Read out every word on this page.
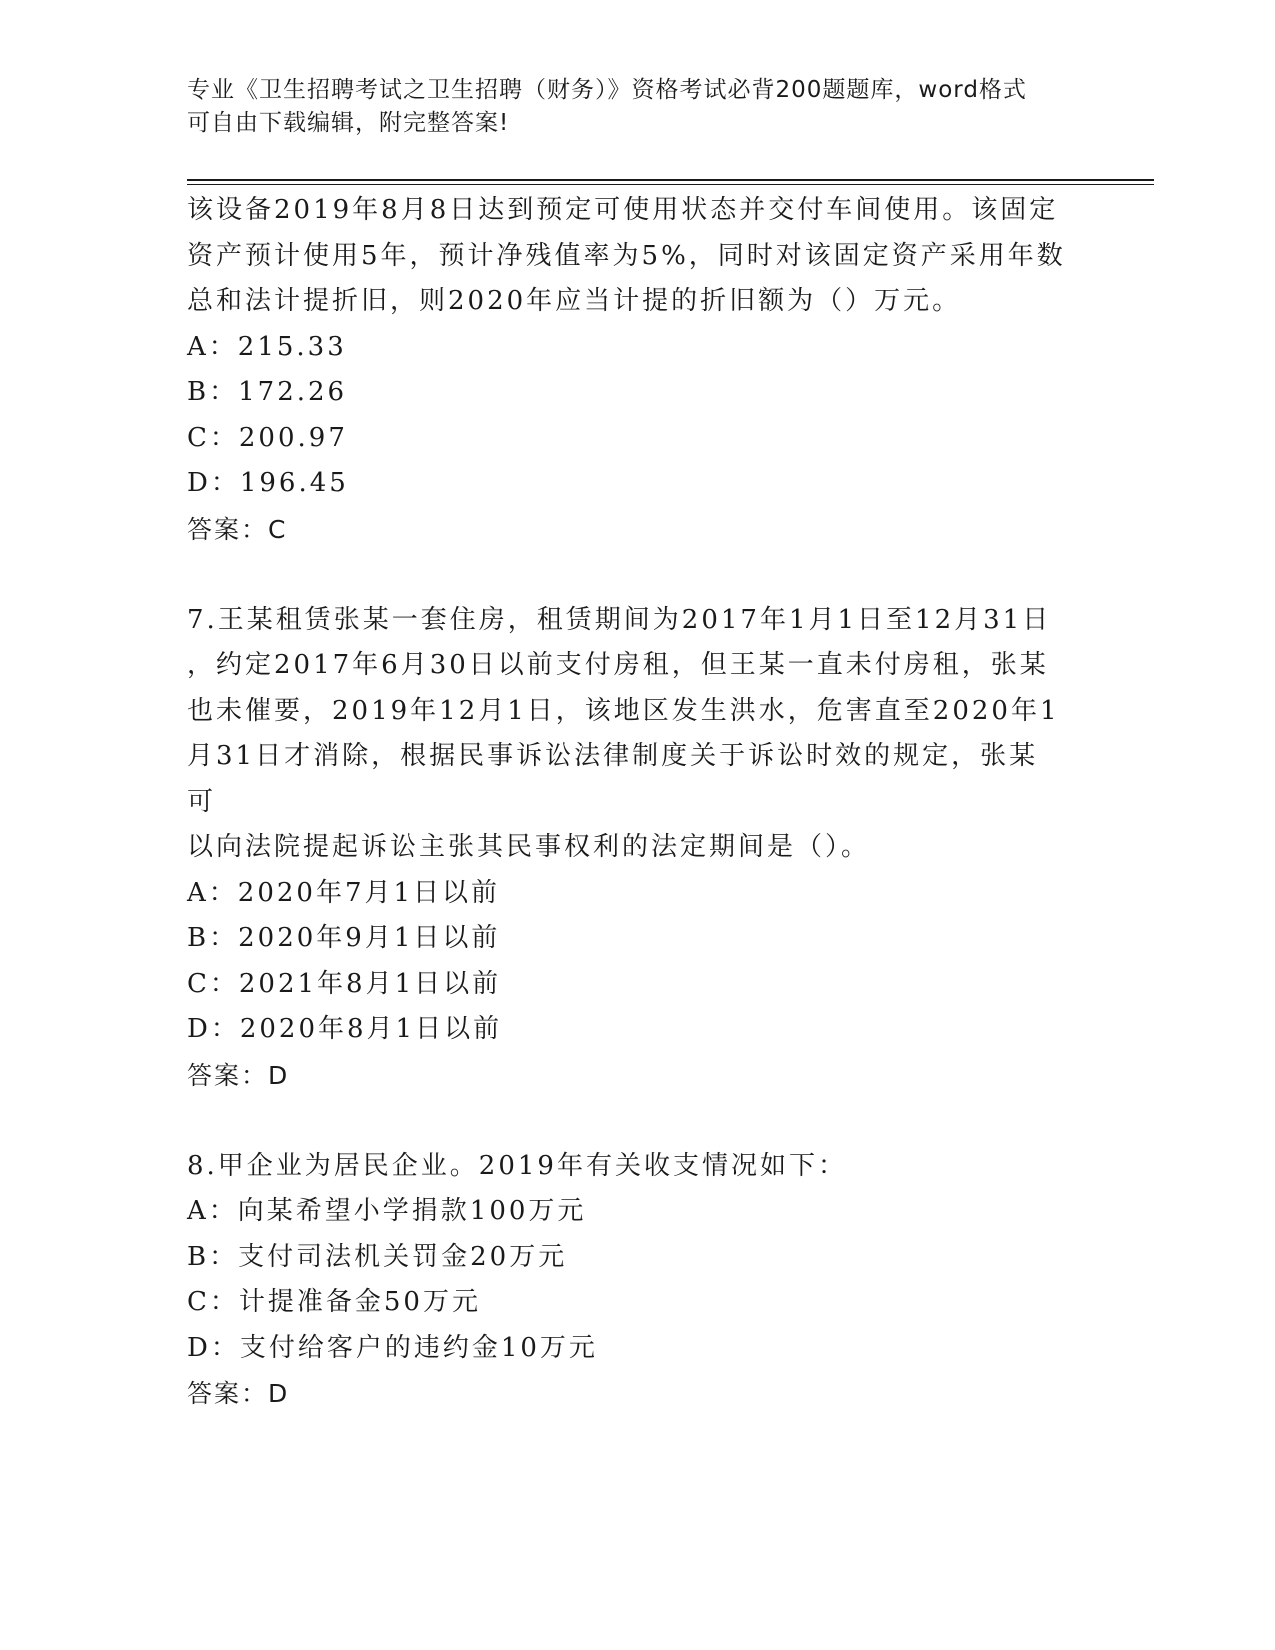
专业《卫生招聘考试之卫生招聘（财务）》资格考试必背200题题库，word格式
可自由下载编辑，附完整答案!

该设备2019年8月8日达到预定可使用状态并交付车间使用。该固定

资产预计使用5年，预计净残值率为5%，同时对该固定资产采用年数

总和法计提折旧，则2020年应当计提的折旧额为（）万元。

A：215.33

B：172.26

C：200.97

D：196.45

答案：C

7.王某租赁张某一套住房，租赁期间为2017年1月1日至12月31日

，约定2017年6月30日以前支付房租，但王某一直未付房租，张某

也未催要，2019年12月1日，该地区发生洪水，危害直至2020年1

月31日才消除，根据民事诉讼法律制度关于诉讼时效的规定，张某可

以向法院提起诉讼主张其民事权利的法定期间是（）。

A：2020年7月1日以前

B：2020年9月1日以前

C：2021年8月1日以前

D：2020年8月1日以前

答案：D

8.甲企业为居民企业。2019年有关收支情况如下：

A：向某希望小学捐款100万元

B：支付司法机关罚金20万元

C：计提准备金50万元

D：支付给客户的违约金10万元

答案：D
